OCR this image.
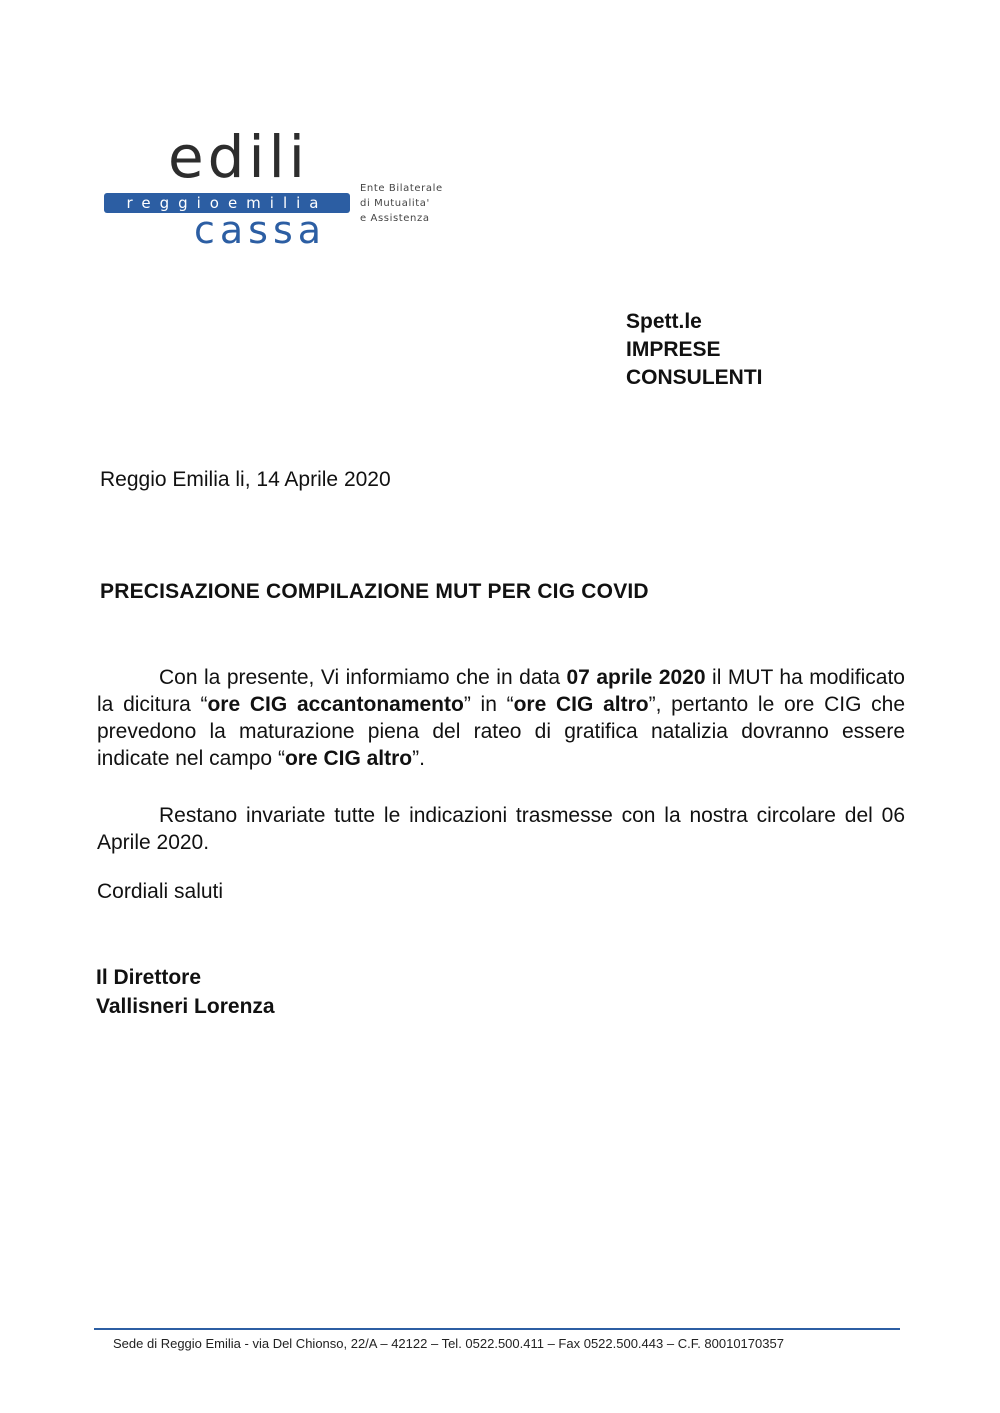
edili
reggioemilia
cassa
Ente Bilaterale
di Mutualita'
e Assistenza
Spett.le
IMPRESE
CONSULENTI
Reggio Emilia li, 14 Aprile 2020
PRECISAZIONE COMPILAZIONE MUT PER CIG COVID

Con la presente, Vi informiamo che in data 07 aprile 2020 il MUT ha modificato la dicitura “ore CIG accantonamento” in “ore CIG altro”, pertanto le ore CIG che prevedono la maturazione piena del rateo di gratifica natalizia dovranno essere indicate nel campo “ore CIG altro”.

Restano invariate tutte le indicazioni trasmesse con la nostra circolare del 06 Aprile 2020.

Cordiali saluti
Il Direttore
Vallisneri Lorenza
Sede di Reggio Emilia - via Del Chionso, 22/A – 42122 – Tel. 0522.500.411 – Fax 0522.500.443 – C.F. 80010170357
